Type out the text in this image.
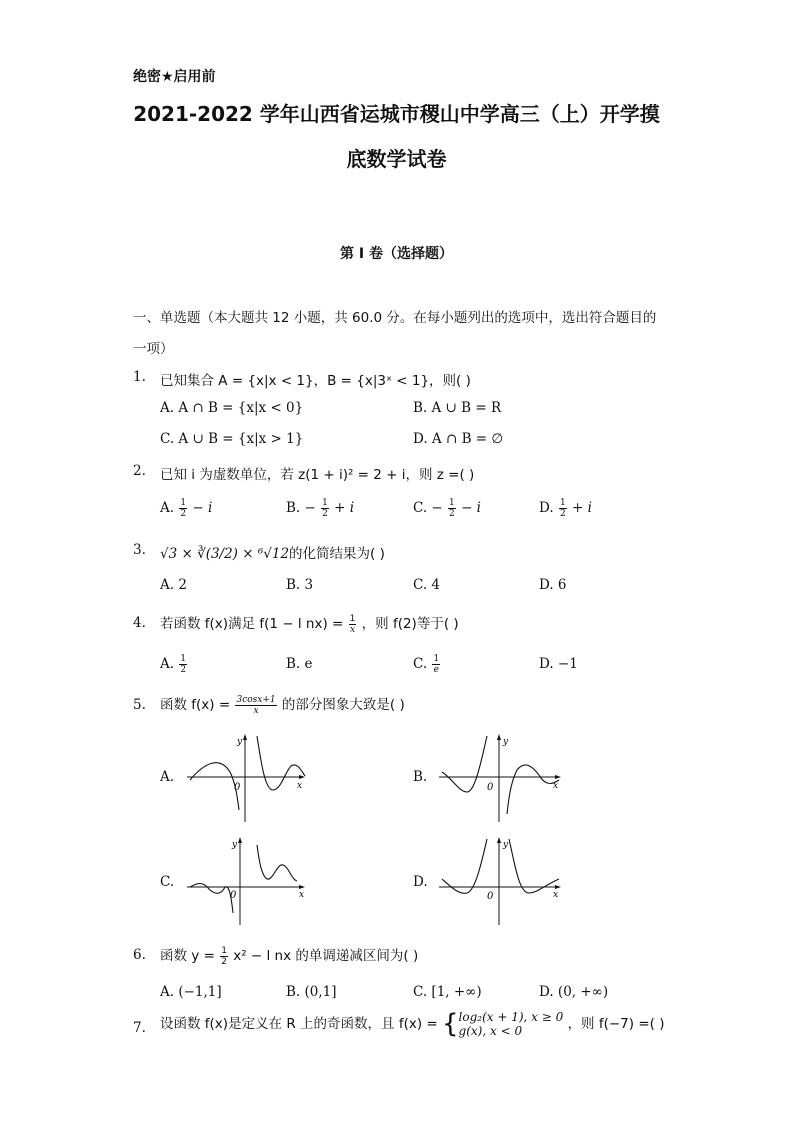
绝密★启用前
2021-2022 学年山西省运城市稷山中学高三（上）开学摸
底数学试卷
第 I 卷（选择题）
一、单选题（本大题共 12 小题，共 60.0 分。在每小题列出的选项中，选出符合题目的
一项）
1. 已知集合 A = {x|x < 1}，B = {x|3ˣ < 1}，则( )
A. A ∩ B = {x|x < 0}	B. A ∪ B = R
C. A ∪ B = {x|x > 1}	D. A ∩ B = ∅
2. 已知 i 为虚数单位，若 z(1 + i)² = 2 + i，则 z =( )
A. $\frac{1}{2} - i$	B. − $\frac{1}{2} + i$	C. − $\frac{1}{2} - i$	D. $\frac{1}{2} + i$
3. √3 × ∛(3/2) × ⁶√12的化简结果为( )
A. 2	B. 3	C. 4	D. 6
4. 若函数 f(x)满足 f(1 − l $nx) = \frac{1}{x}$ ，则 f(2)等于( )
A. $\frac{1}{2}$	B. e	C. $\frac{1}{e}$	D. −1
5. 函数 $f(x) = \frac{3\cos x+1}{x}$ 的部分图象大致是( )
A.
y
x
0
B.
y
x
0
C.
y
x
0
D.
y
x
0
6. 函数 $y = \frac{1}{2} x^2 - l$ nx 的单调递减区间为( )
A. (−1,1]	B. (0,1]	C. [1, +∞)	D. (0, +∞)
7. 设函数 f(x)是定义在 R 上的奇函数，且 f(x) = { log₂(x + 1), x ≥ 0
g(x), x < 0	，则 f(−7) =( )
